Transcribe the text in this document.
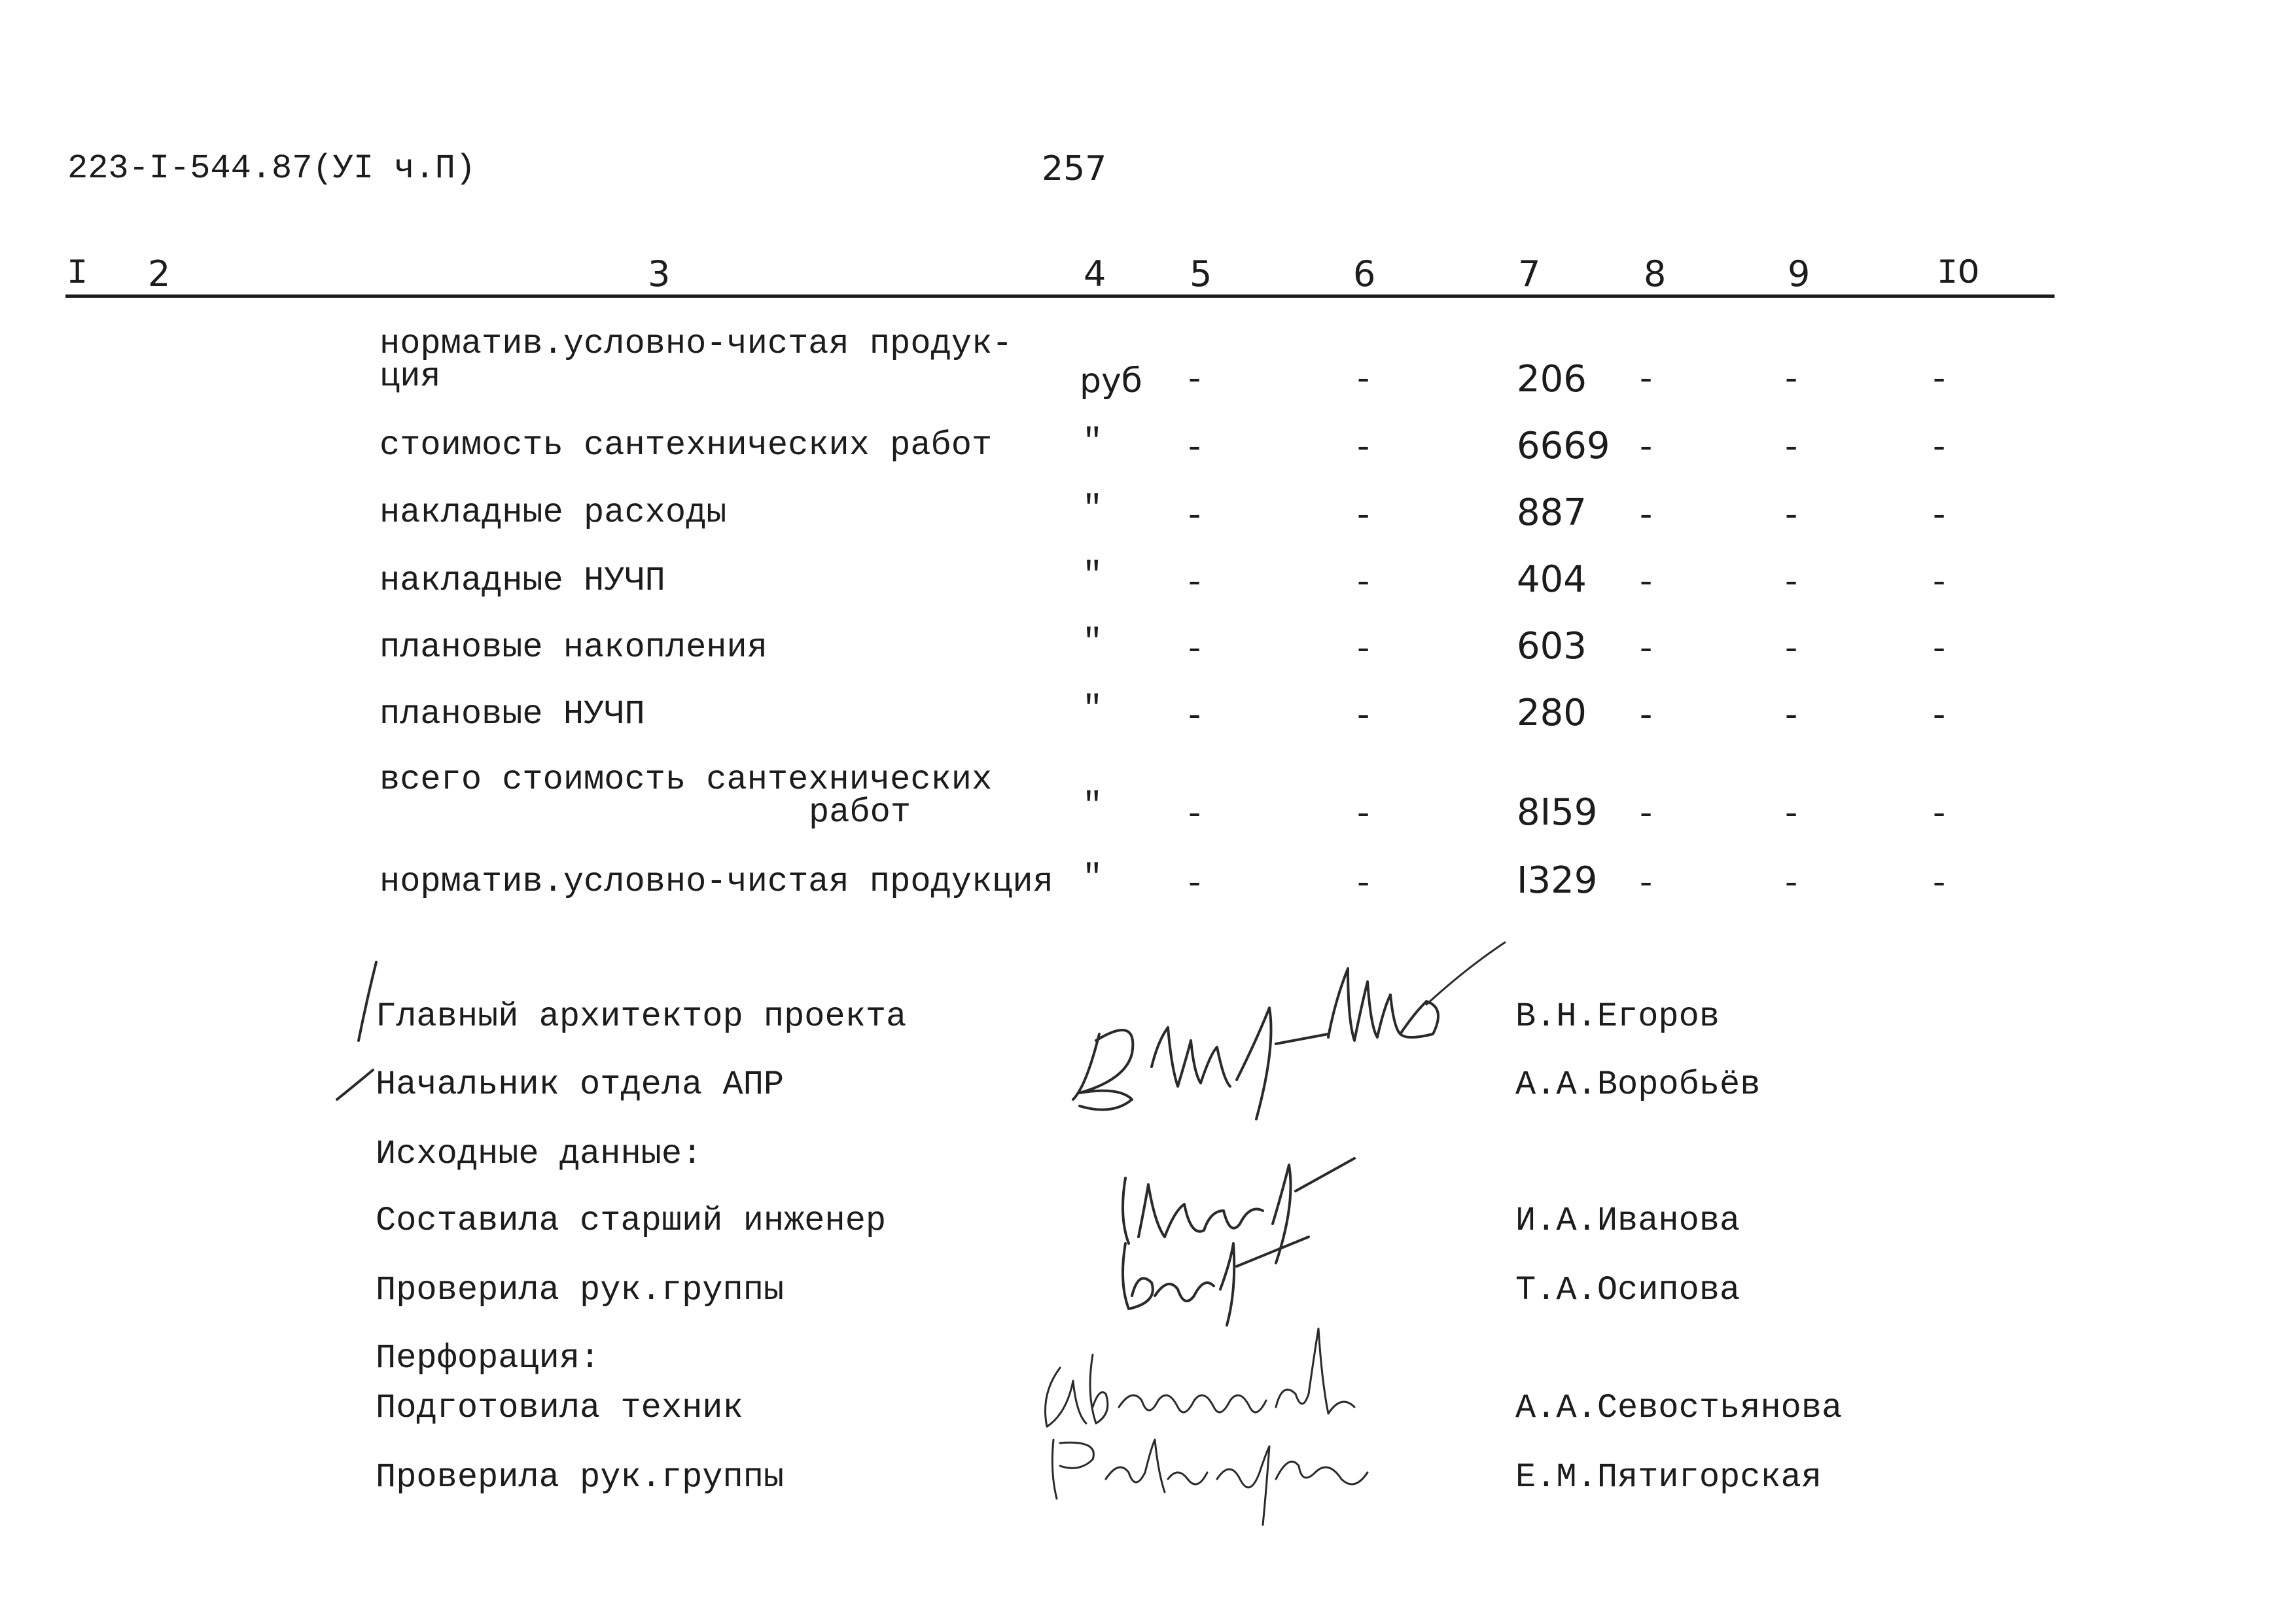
223-I-544.87(УI ч.П)	257
I 2	3	4 5	6	7	8	9	IO
норматив.условно-чистая продук-
ция	руб -	-	206 -	-	-
стоимость сантехнических работ	" -	-	6669 -	-	-
накладные расходы	" -	-	887 -	-	-
накладные НУЧП	" -	-	404 -	-	-
плановые накопления	" -	-	603 -	-	-
плановые НУЧП	" -	-	280 -	-	-
всего стоимость сантехнических
работ	" -	-	8I59 -	-	-
норматив.условно-чистая продукция " -	-	I329 -	-	-
Главный архитектор проекта	В.Н.Егоров
Начальник отдела АПР	А.А.Воробьёв
Исходные данные:
Составила старший инженер	И.А.Иванова
Проверила рук.группы	Т.А.Осипова
Перфорация:
Подготовила техник	А.А.Севостьянова
Проверила рук.группы	Е.М.Пятигорская
